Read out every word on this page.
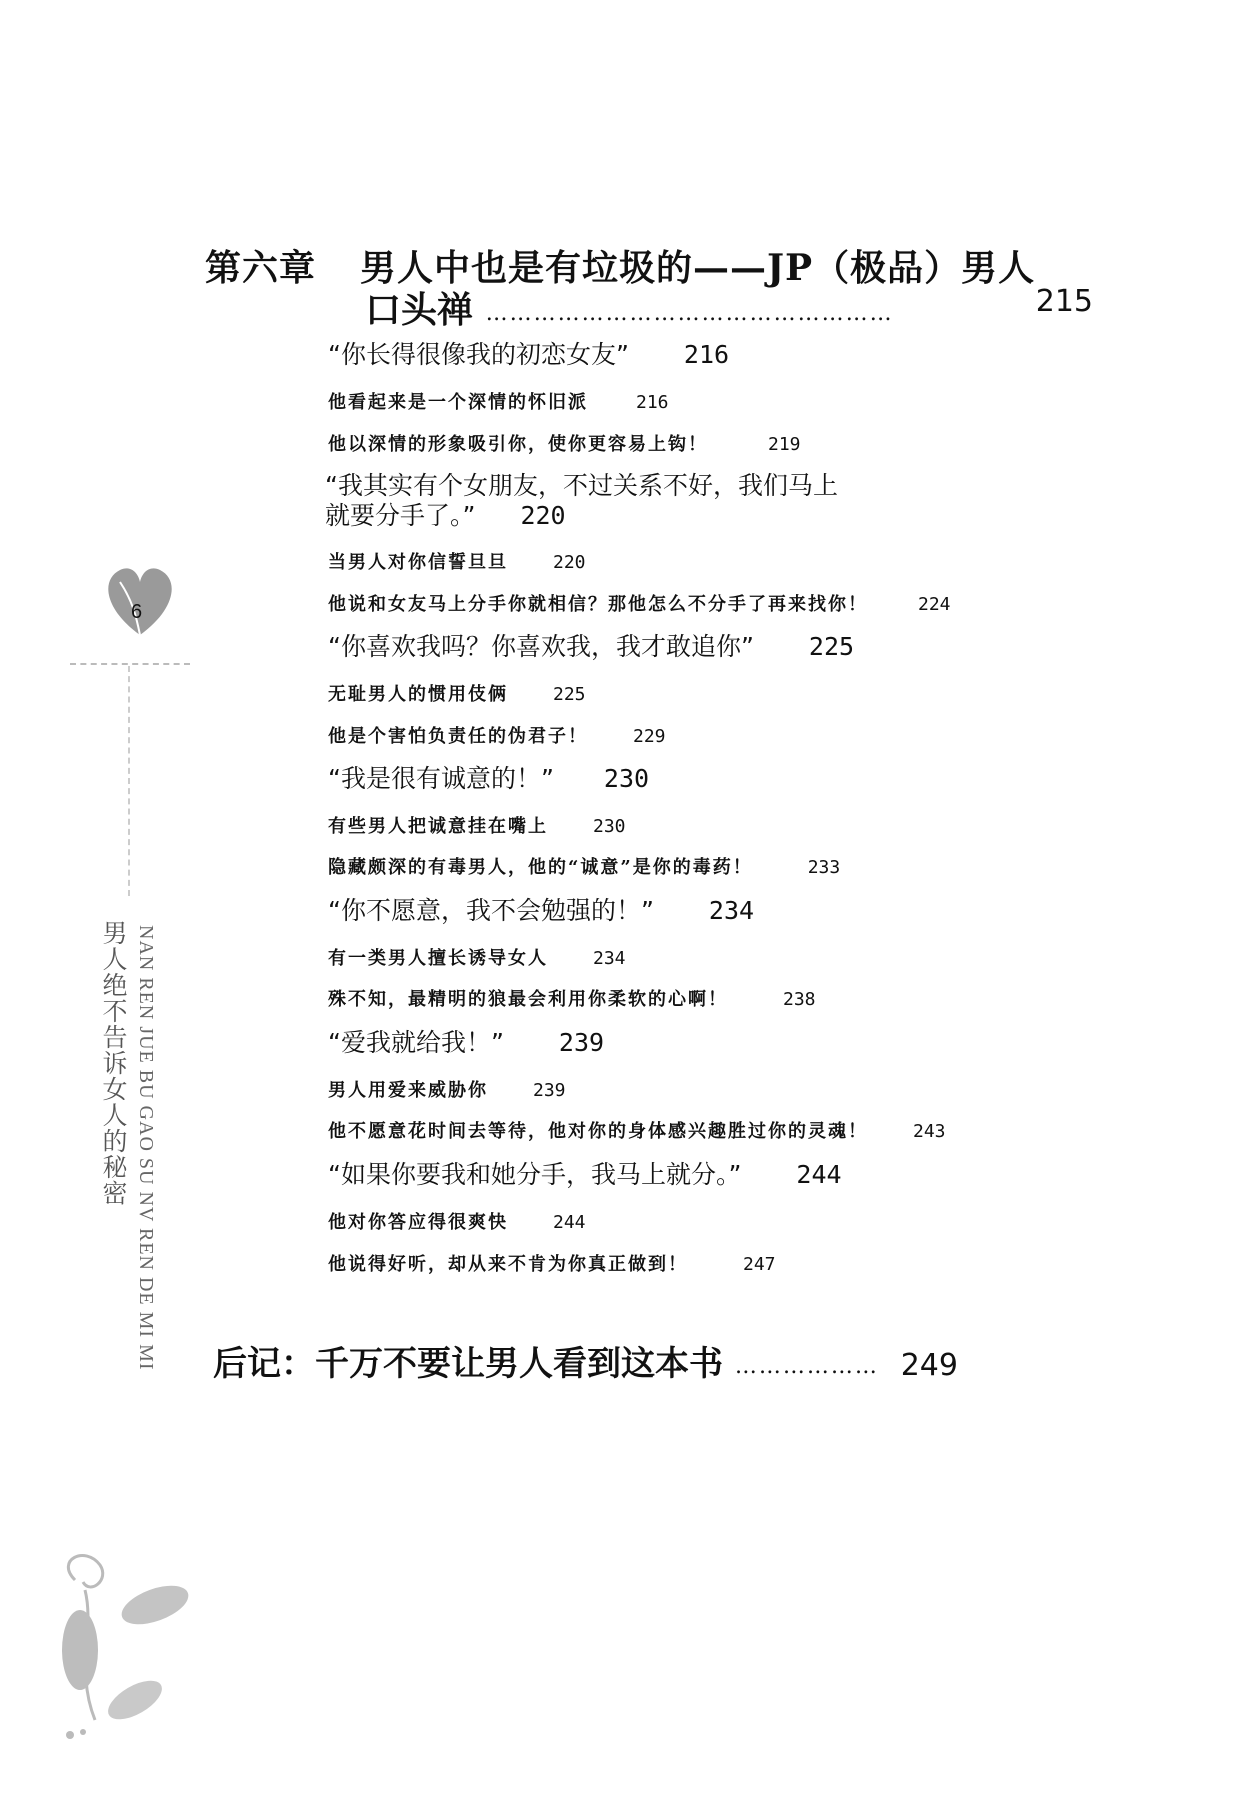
6
男人绝不告诉女人的秘密 NAN REN JUE BU GAO SU NV REN DE MI MI
第六章 男人中也是有垃圾的——JP（极品）男人
口头禅 ……………………………………………	215
“你长得很像我的初恋女友” 216
他看起来是一个深情的怀旧派	216
他以深情的形象吸引你，使你更容易上钩！	219
“我其实有个女朋友，不过关系不好，我们马上
就要分手了。” 220
当男人对你信誓旦旦	220
他说和女友马上分手你就相信？那他怎么不分手了再来找你！	224
“你喜欢我吗？你喜欢我，我才敢追你” 225
无耻男人的惯用伎俩	225
他是个害怕负责任的伪君子！	229
“我是很有诚意的！” 230
有些男人把诚意挂在嘴上	230
隐藏颇深的有毒男人，他的“诚意”是你的毒药！	233
“你不愿意，我不会勉强的！” 234
有一类男人擅长诱导女人	234
殊不知，最精明的狼最会利用你柔软的心啊！	238
“爱我就给我！” 239
男人用爱来威胁你	239
他不愿意花时间去等待，他对你的身体感兴趣胜过你的灵魂！	243
“如果你要我和她分手，我马上就分。” 244
他对你答应得很爽快	244
他说得好听，却从来不肯为你真正做到！	247
后记：千万不要让男人看到这本书 ……………… 249
